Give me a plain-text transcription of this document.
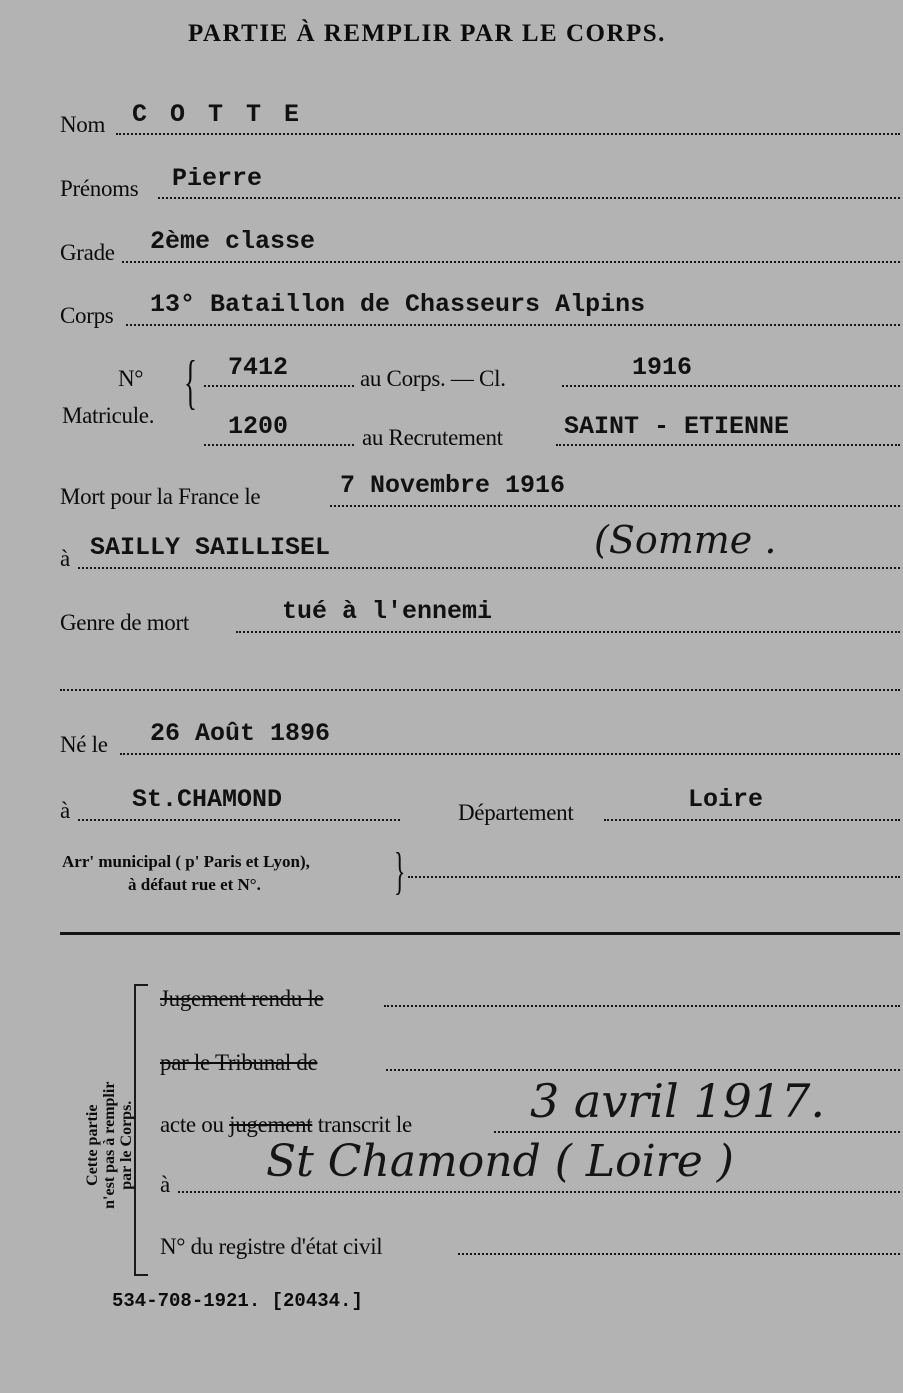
PARTIE À REMPLIR PAR LE CORPS.
Nom C O T T E
Prénoms Pierre
Grade 2ème classe
Corps 13° Bataillon de Chasseurs Alpins
N°
Matricule.
{ 7412	au Corps. — Cl.	1916
1200	au Recrutement SAINT - ETIENNE
Mort pour la France le	7 Novembre 1916
à SAILLY SAILLISEL	(Somme .
Genre de mort	tué à l'ennemi
Né le 26 Août 1896
à St.CHAMOND	Département	Loire
Arr' municipal ( p' Paris et Lyon),
à défaut rue et N°.	}
Cette partie n'est pas à remplir par le Corps.
Jugement rendu le
par le Tribunal de
acte ou jugement transcrit le	3 avril 1917.
à St Chamond ( Loire )
N° du registre d'état civil
534-708-1921. [20434.]
